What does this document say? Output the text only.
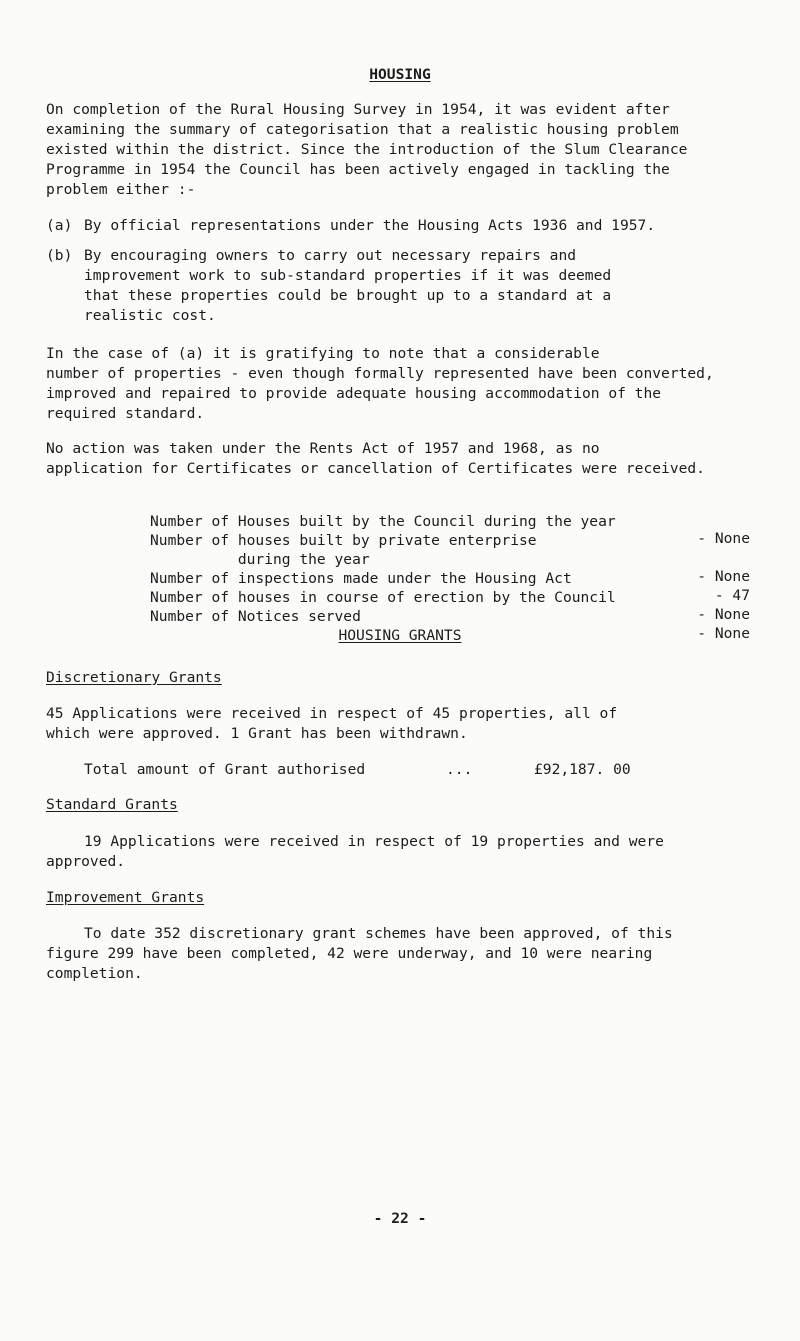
HOUSING
On completion of the Rural Housing Survey in 1954, it was evident after
examining the summary of categorisation that a realistic housing problem
existed within the district. Since the introduction of the Slum Clearance
Programme in 1954 the Council has been actively engaged in tackling the
problem either :-
(a) By official representations under the Housing Acts 1936 and 1957.
(b) By encouraging owners to carry out necessary repairs and
improvement work to sub-standard properties if it was deemed
that these properties could be brought up to a standard at a
realistic cost.
In the case of (a) it is gratifying to note that a considerable
number of properties - even though formally represented have been converted,
improved and repaired to provide adequate housing accommodation of the
required standard.
No action was taken under the Rents Act of 1957 and 1968, as no
application for Certificates or cancellation of Certificates were received.

Number of Houses built by the Council during the year

- None

Number of houses built by private enterprise

during the year

- None

Number of inspections made under the Housing Act

- 47

Number of houses in course of erection by the Council

- None

Number of Notices served

- None

HOUSING GRANTS
Discretionary Grants
45 Applications were received in respect of 45 properties, all of
which were approved. 1 Grant has been withdrawn.
Total amount of Grant authorised	...	£92,187. 00
Standard Grants
19 Applications were received in respect of 19 properties and were
approved.
Improvement Grants
To date 352 discretionary grant schemes have been approved, of this
figure 299 have been completed, 42 were underway, and 10 were nearing
completion.
- 22 -
